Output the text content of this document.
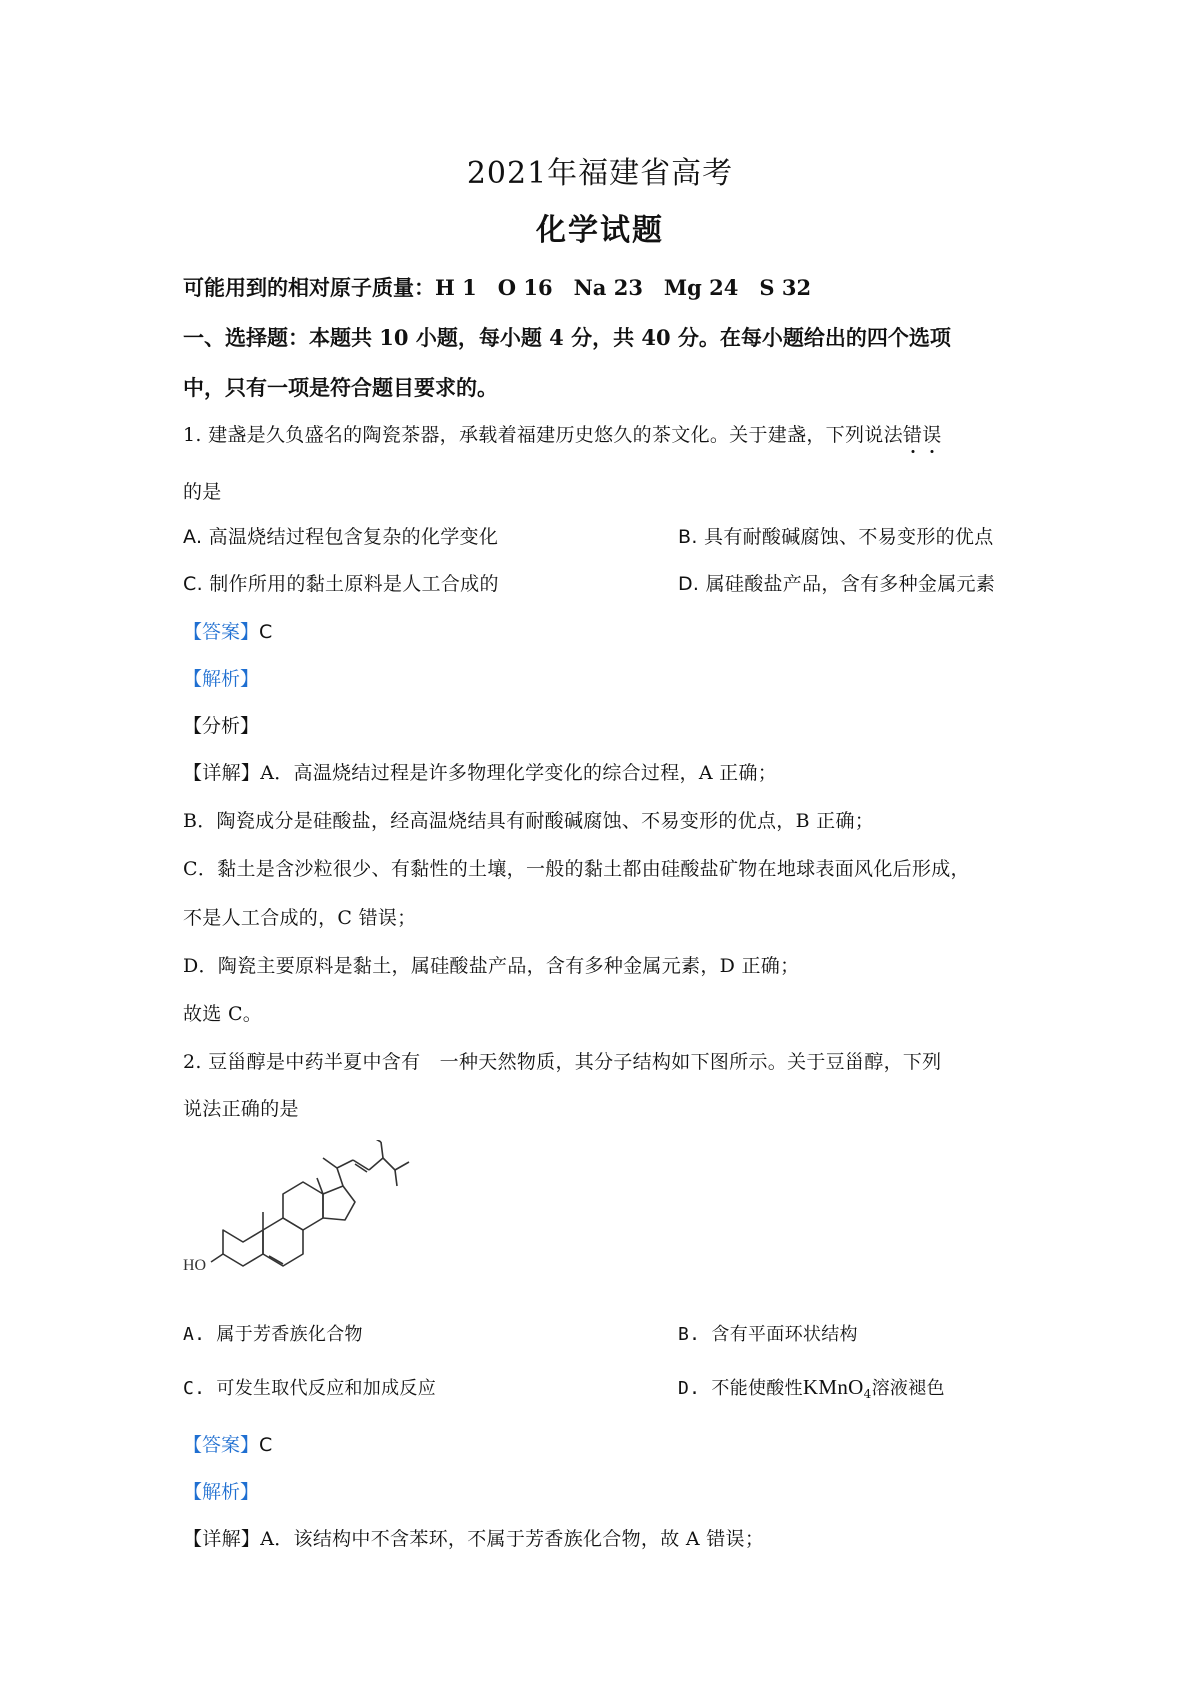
2021年福建省高考
化学试题
可能用到的相对原子质量：H 1　O 16　Na 23　Mg 24　S 32
一、选择题：本题共 10 小题，每小题 4 分，共 40 分。在每小题给出的四个选项
中，只有一项是符合题目要求的。
1. 建盏是久负盛名的陶瓷茶器，承载着福建历史悠久的茶文化。关于建盏，下列说法错误
的是
A. 高温烧结过程包含复杂的化学变化	B. 具有耐酸碱腐蚀、不易变形的优点
C. 制作所用的黏土原料是人工合成的	D. 属硅酸盐产品，含有多种金属元素
【答案】C
【解析】
【分析】
【详解】A．高温烧结过程是许多物理化学变化的综合过程，A 正确；
B．陶瓷成分是硅酸盐，经高温烧结具有耐酸碱腐蚀、不易变形的优点，B 正确；
C．黏土是含沙粒很少、有黏性的土壤，一般的黏土都由硅酸盐矿物在地球表面风化后形成，
不是人工合成的，C 错误；
D．陶瓷主要原料是黏土，属硅酸盐产品，含有多种金属元素，D 正确；
故选 C。
2. 豆甾醇是中药半夏中含有　一种天然物质，其分子结构如下图所示。关于豆甾醇，下列
说法正确的是
HO
A. 属于芳香族化合物	B. 含有平面环状结构
C. 可发生取代反应和加成反应	D. 不能使酸性KMnO$_4$溶液褪色
【答案】C
【解析】
【详解】A．该结构中不含苯环，不属于芳香族化合物，故 A 错误；
